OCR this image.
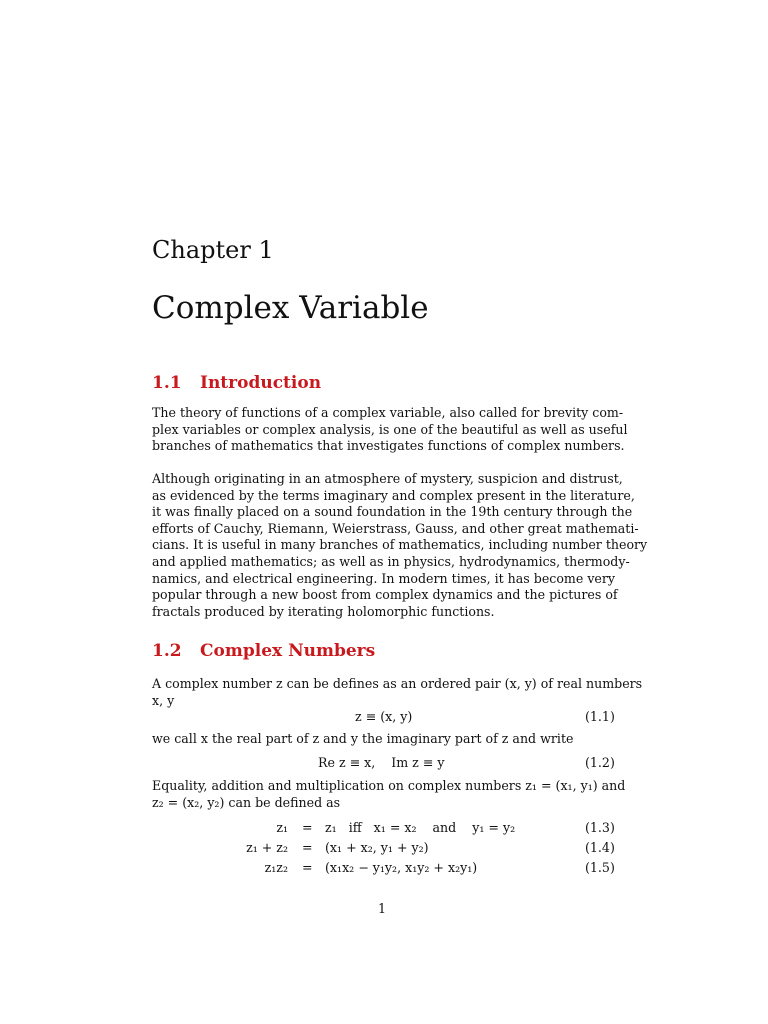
Chapter 1
Complex Variable
1.1 Introduction
The theory of functions of a complex variable, also called for brevity com-
plex variables or complex analysis, is one of the beautiful as well as useful
branches of mathematics that investigates functions of complex numbers.
Although originating in an atmosphere of mystery, suspicion and distrust,
as evidenced by the terms imaginary and complex present in the literature,
it was finally placed on a sound foundation in the 19th century through the
efforts of Cauchy, Riemann, Weierstrass, Gauss, and other great mathemati-
cians. It is useful in many branches of mathematics, including number theory
and applied mathematics; as well as in physics, hydrodynamics, thermody-
namics, and electrical engineering. In modern times, it has become very
popular through a new boost from complex dynamics and the pictures of
fractals produced by iterating holomorphic functions.
1.2 Complex Numbers
A complex number z can be defines as an ordered pair (x, y) of real numbers
x, y
z ≡ (x, y)	(1.1)
we call x the real part of z and y the imaginary part of z and write
Re z ≡ x,    Im z ≡ y	(1.2)
Equality, addition and multiplication on complex numbers z₁ = (x₁, y₁) and
z₂ = (x₂, y₂) can be defined as
z₁ = z₁   iff   x₁ = x₂    and    y₁ = y₂	(1.3)
z₁ + z₂ = (x₁ + x₂, y₁ + y₂)	(1.4)
z₁z₂ = (x₁x₂ − y₁y₂, x₁y₂ + x₂y₁)	(1.5)
1
